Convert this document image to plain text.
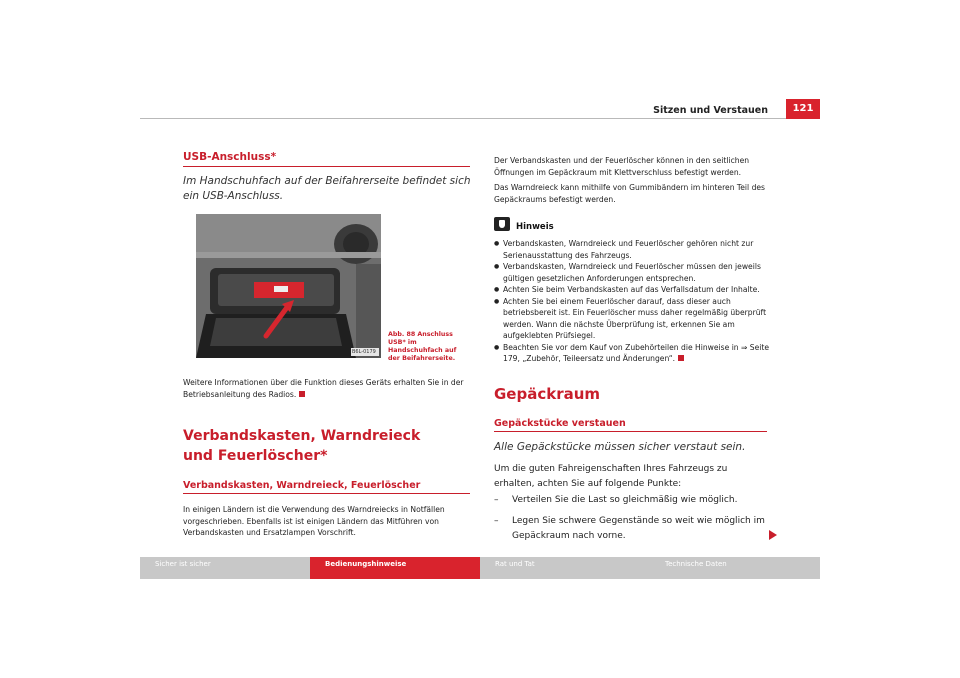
Sitzen und Verstauen	121
USB-Anschluss*
Im Handschuhfach auf der Beifahrerseite befindet sich ein USB-Anschluss.
B6L-0179
Abb. 88 Anschluss USB* im Handschuhfach auf der Beifahrerseite.
Weitere Informationen über die Funktion dieses Geräts erhalten Sie in der Betriebsanleitung des Radios.
Verbandskasten, Warndreieck und Feuerlöscher*
Verbandskasten, Warndreieck, Feuerlöscher
In einigen Ländern ist die Verwendung des Warndreiecks in Notfällen vorgeschrieben. Ebenfalls ist ist einigen Ländern das Mitführen von Verbandskasten und Ersatzlampen Vorschrift.
Der Verbandskasten und der Feuerlöscher können in den seitlichen Öffnungen im Gepäckraum mit Klettverschluss befestigt werden.
Das Warndreieck kann mithilfe von Gummibändern im hinteren Teil des Gepäckraums befestigt werden.
Hinweis
● Verbandskasten, Warndreieck und Feuerlöscher gehören nicht zur Serienausstattung des Fahrzeugs.
● Verbandskasten, Warndreieck und Feuerlöscher müssen den jeweils gültigen gesetzlichen Anforderungen entsprechen.
● Achten Sie beim Verbandskasten auf das Verfallsdatum der Inhalte.
● Achten Sie bei einem Feuerlöscher darauf, dass dieser auch betriebsbereit ist. Ein Feuerlöscher muss daher regelmäßig überprüft werden. Wann die nächste Überprüfung ist, erkennen Sie am aufgeklebten Prüfsiegel.
● Beachten Sie vor dem Kauf von Zubehörteilen die Hinweise in ⇒ Seite 179, „Zubehör, Teileersatz und Änderungen“.
Gepäckraum
Gepäckstücke verstauen
Alle Gepäckstücke müssen sicher verstaut sein.
Um die guten Fahreigenschaften Ihres Fahrzeugs zu erhalten, achten Sie auf folgende Punkte:
– Verteilen Sie die Last so gleichmäßig wie möglich.
– Legen Sie schwere Gegenstände so weit wie möglich im Gepäckraum nach vorne.
Sicher ist sicher	Bedienungshinweise	Rat und Tat	Technische Daten
